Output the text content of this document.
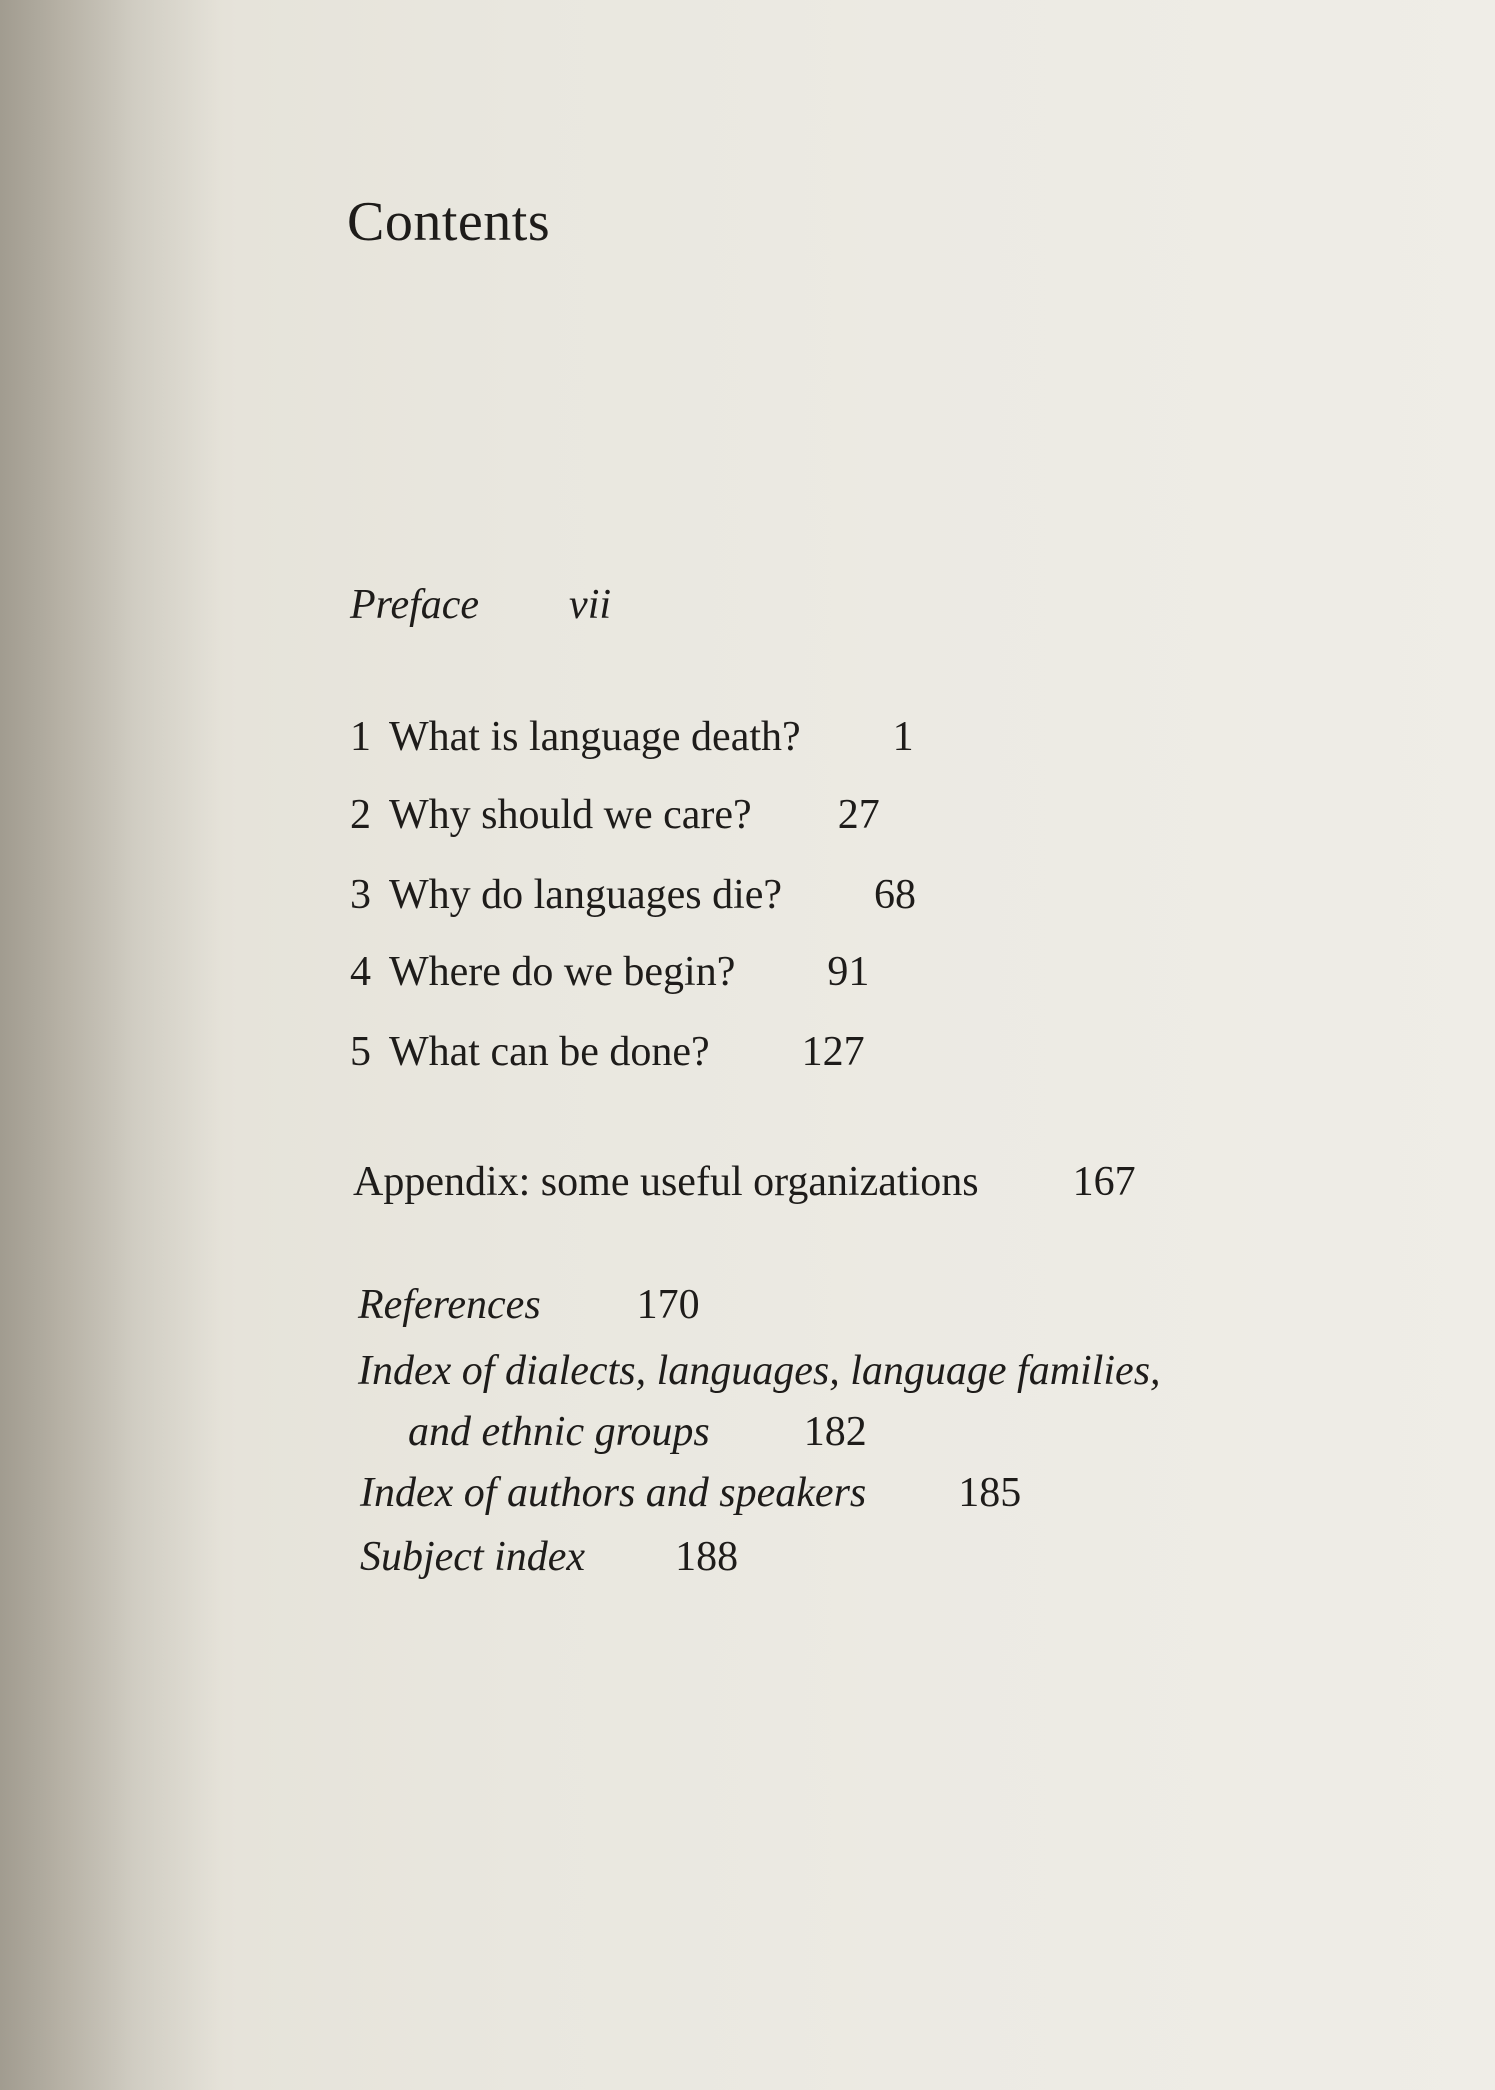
Contents
Preface vii
1 What is language death? 1
2 Why should we care? 27
3 Why do languages die? 68
4 Where do we begin? 91
5 What can be done? 127
Appendix: some useful organizations 167
References 170
Index of dialects, languages, language families,
and ethnic groups 182
Index of authors and speakers 185
Subject index 188
